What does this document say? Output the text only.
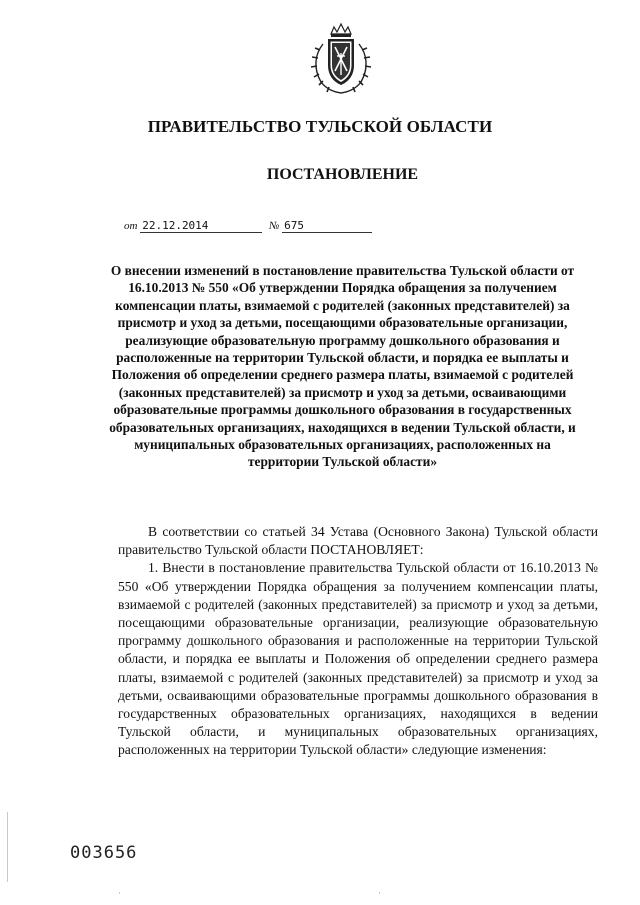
ПРАВИТЕЛЬСТВО ТУЛЬСКОЙ ОБЛАСТИ
ПОСТАНОВЛЕНИЕ
от 22.12.2014	№ 675
О внесении изменений в постановление правительства Тульской области от 16.10.2013 № 550 «Об утверждении Порядка обращения за получением компенсации платы, взимаемой с родителей (законных представителей) за присмотр и уход за детьми, посещающими образовательные организации, реализующие образовательную программу дошкольного образования и расположенные на территории Тульской области, и порядка ее выплаты и Положения об определении среднего размера платы, взимаемой с родителей (законных представителей) за присмотр и уход за детьми, осваивающими образовательные программы дошкольного образования в государственных образовательных организациях, находящихся в ведении Тульской области, и муниципальных образовательных организациях, расположенных на территории Тульской области»

В соответствии со статьей 34 Устава (Основного Закона) Тульской области правительство Тульской области ПОСТАНОВЛЯЕТ:

1. Внести в постановление правительства Тульской области от 16.10.2013 № 550 «Об утверждении Порядка обращения за получением компенсации платы, взимаемой с родителей (законных представителей) за присмотр и уход за детьми, посещающими образовательные организации, реализующие образовательную программу дошкольного образования и расположенные на территории Тульской области, и порядка ее выплаты и Положения об определении среднего размера платы, взимаемой с родителей (законных представителей) за присмотр и уход за детьми, осваивающими образовательные программы дошкольного образования в государственных образовательных организациях, находящихся в ведении Тульской области, и муниципальных образовательных организациях, расположенных на территории Тульской области» следующие изменения:

003656
·	·
